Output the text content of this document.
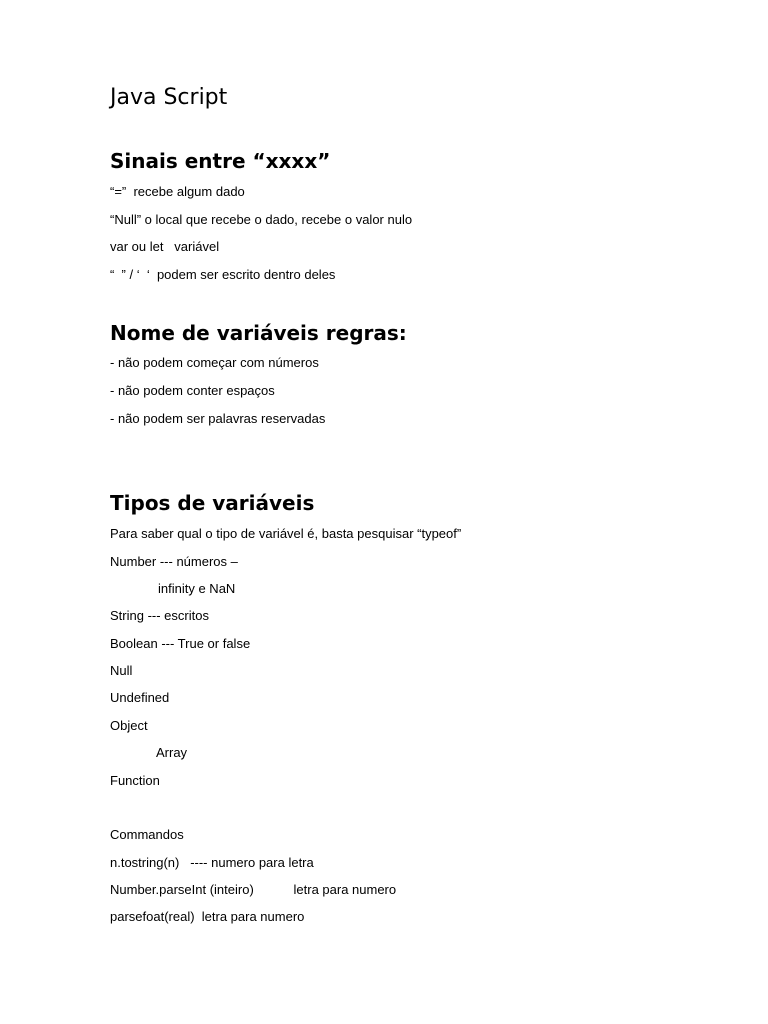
Java Script
Sinais entre “xxxx”

“=”  recebe algum dado

“Null” o local que recebe o dado, recebe o valor nulo

var ou let   variável

“  ” / ‘  ‘  podem ser escrito dentro deles

Nome de variáveis regras:

- não podem começar com números

- não podem conter espaços

- não podem ser palavras reservadas

Tipos de variáveis

Para saber qual o tipo de variável é, basta pesquisar “typeof”

Number --- números –

infinity e NaN

String --- escritos

Boolean --- True or false

Null

Undefined

Object

Array

Function

Commandos

n.tostring(n)   ---- numero para letra

Number.parseInt (inteiro)           letra para numero

parsefoat(real)  letra para numero
